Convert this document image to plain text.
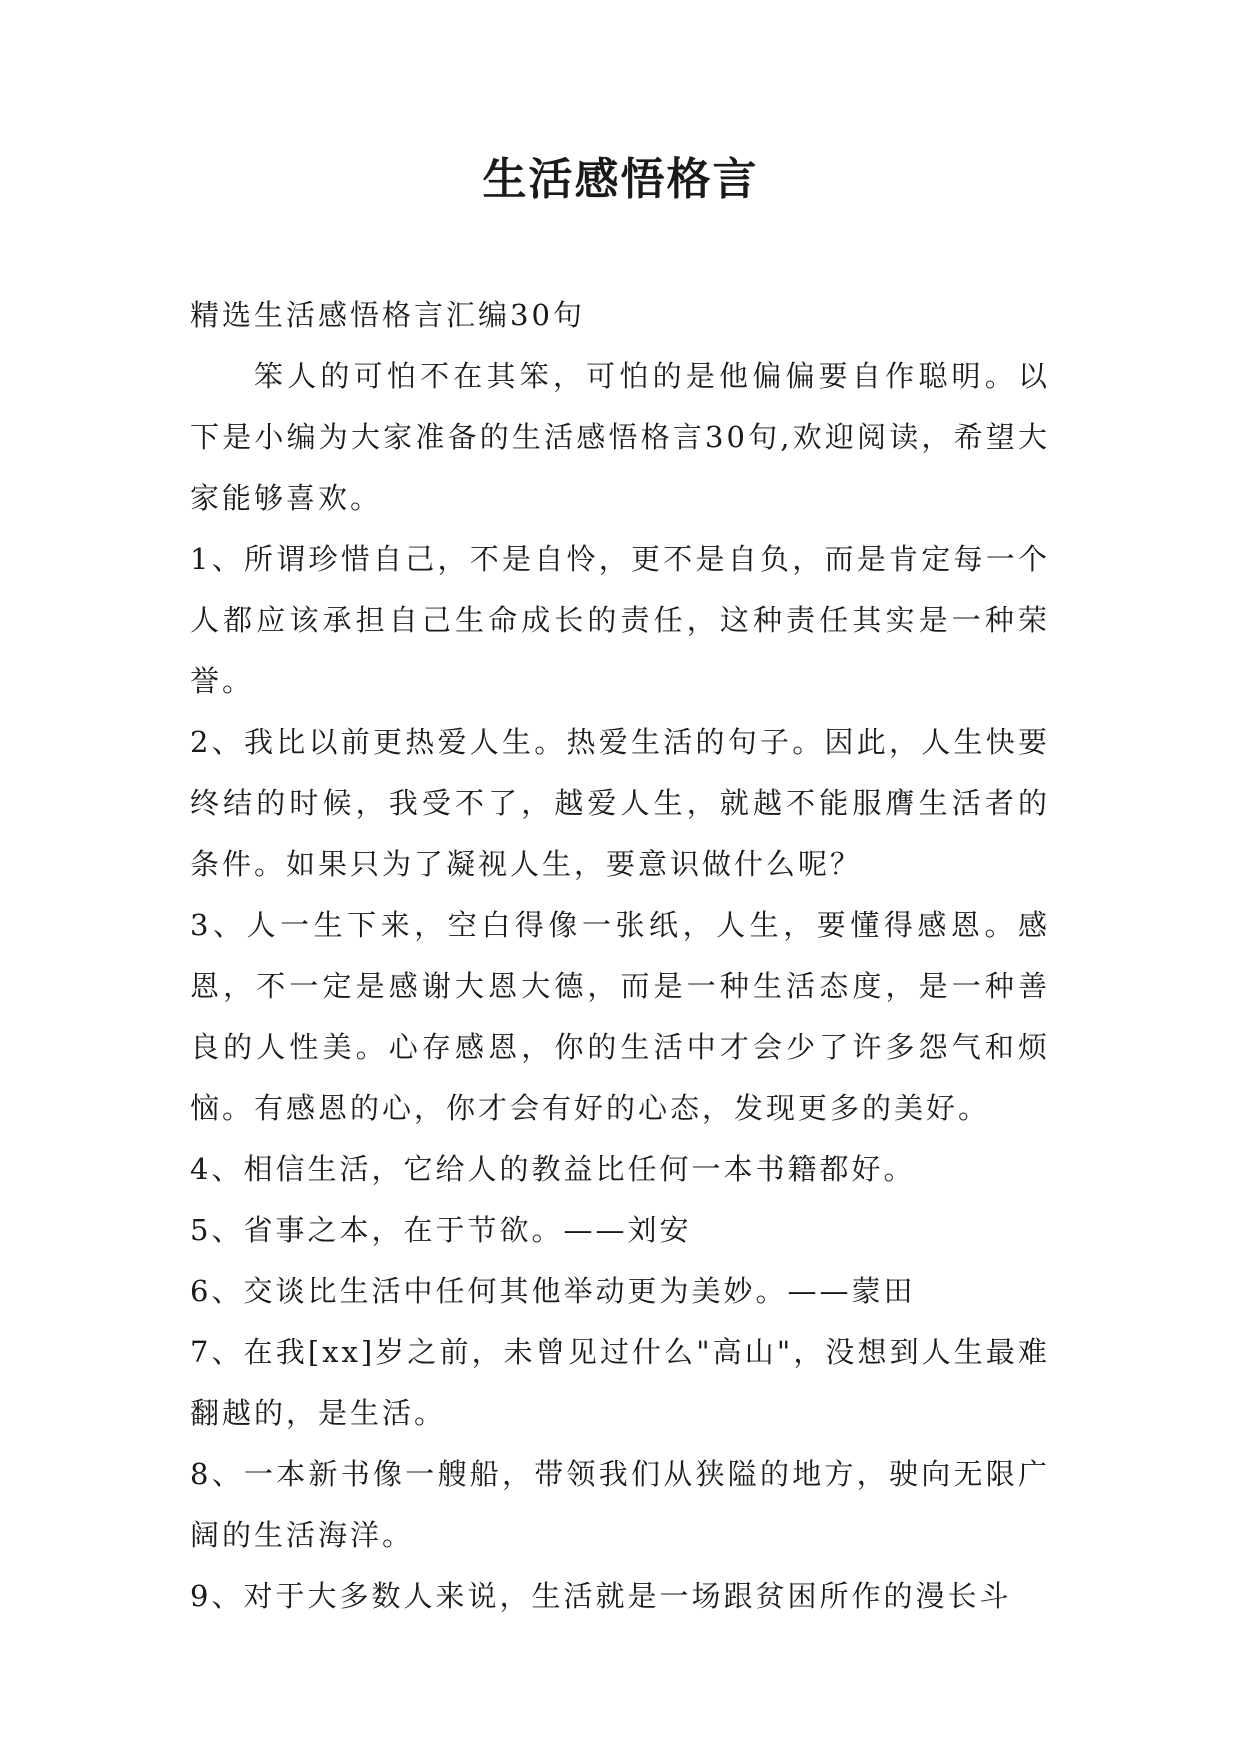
生活感悟格言

精选生活感悟格言汇编30句

笨人的可怕不在其笨，可怕的是他偏偏要自作聪明。以下是小编为大家准备的生活感悟格言30句,欢迎阅读，希望大家能够喜欢。

1、所谓珍惜自己，不是自怜，更不是自负，而是肯定每一个人都应该承担自己生命成长的责任，这种责任其实是一种荣誉。

2、我比以前更热爱人生。热爱生活的句子。因此，人生快要终结的时候，我受不了，越爱人生，就越不能服膺生活者的条件。如果只为了凝视人生，要意识做什么呢？

3、人一生下来，空白得像一张纸，人生，要懂得感恩。感恩，不一定是感谢大恩大德，而是一种生活态度，是一种善良的人性美。心存感恩，你的生活中才会少了许多怨气和烦恼。有感恩的心，你才会有好的心态，发现更多的美好。

4、相信生活，它给人的教益比任何一本书籍都好。

5、省事之本，在于节欲。——刘安

6、交谈比生活中任何其他举动更为美妙。——蒙田

7、在我[xx]岁之前，未曾见过什么"高山"，没想到人生最难翻越的，是生活。

8、一本新书像一艘船，带领我们从狭隘的地方，驶向无限广阔的生活海洋。

9、对于大多数人来说，生活就是一场跟贫困所作的漫长斗
